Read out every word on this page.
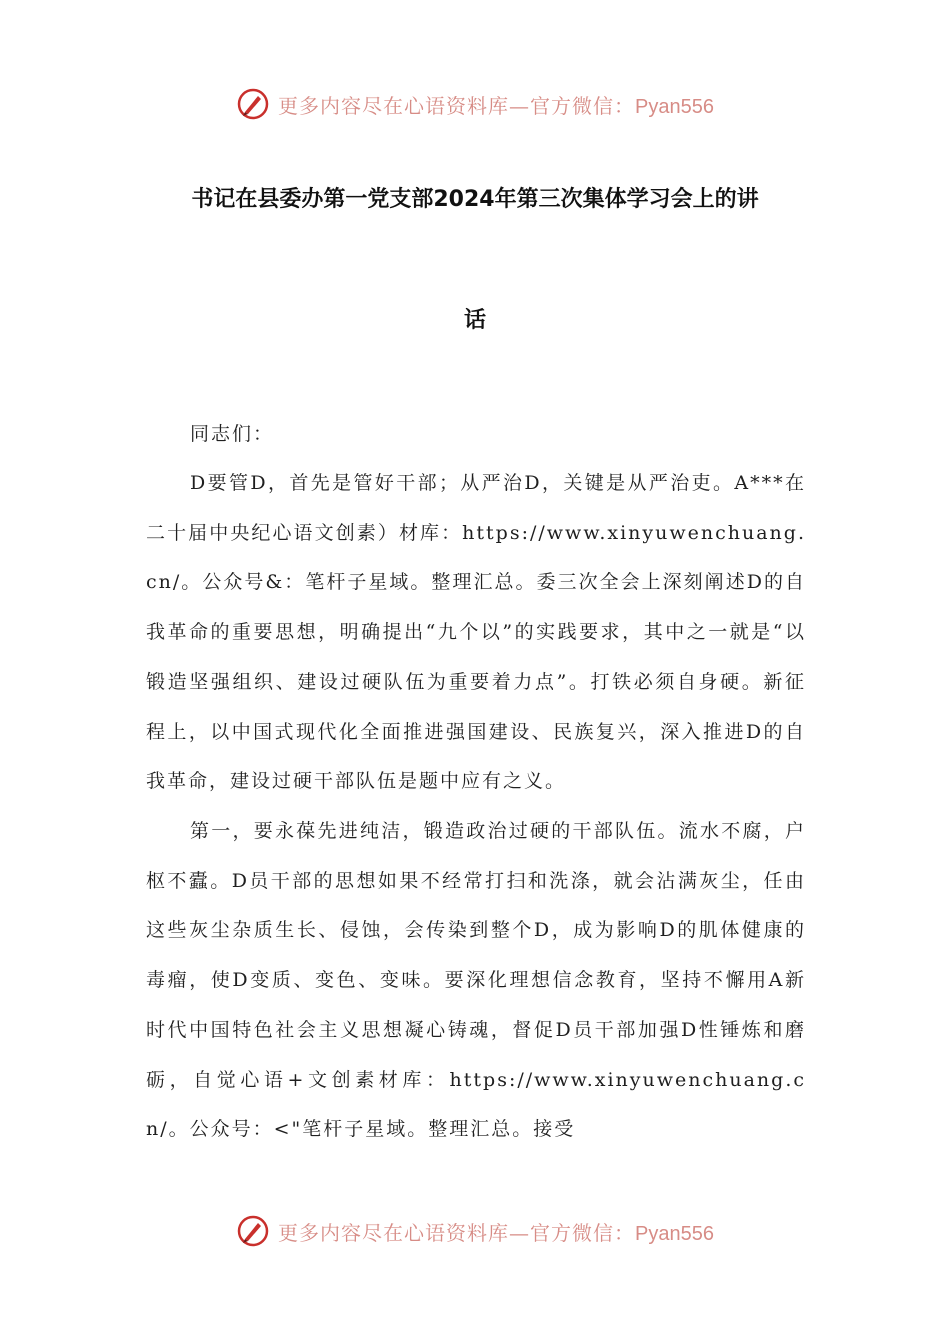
更多内容尽在心语资料库—官方微信：Pyan556
书记在县委办第一党支部2024年第三次集体学习会上的讲
话

同志们：

D要管D，首先是管好干部；从严治D，关键是从严治吏。A***在二十届中央纪心语文创素）材库：https://www.xinyuwenchuang.cn/。公众号&：笔杆子星域。整理汇总。委三次全会上深刻阐述D的自我革命的重要思想，明确提出“九个以”的实践要求，其中之一就是“以锻造坚强组织、建设过硬队伍为重要着力点”。打铁必须自身硬。新征程上，以中国式现代化全面推进强国建设、民族复兴，深入推进D的自我革命，建设过硬干部队伍是题中应有之义。

第一，要永葆先进纯洁，锻造政治过硬的干部队伍。流水不腐，户枢不蠹。D员干部的思想如果不经常打扫和洗涤，就会沾满灰尘，任由这些灰尘杂质生长、侵蚀，会传染到整个D，成为影响D的肌体健康的毒瘤，使D变质、变色、变味。要深化理想信念教育，坚持不懈用A新时代中国特色社会主义思想凝心铸魂，督促D员干部加强D性锤炼和磨砺，自觉心语+文创素材库：https://www.xinyuwenchuang.cn/。公众号：<"笔杆子星域。整理汇总。接受

更多内容尽在心语资料库—官方微信：Pyan556
